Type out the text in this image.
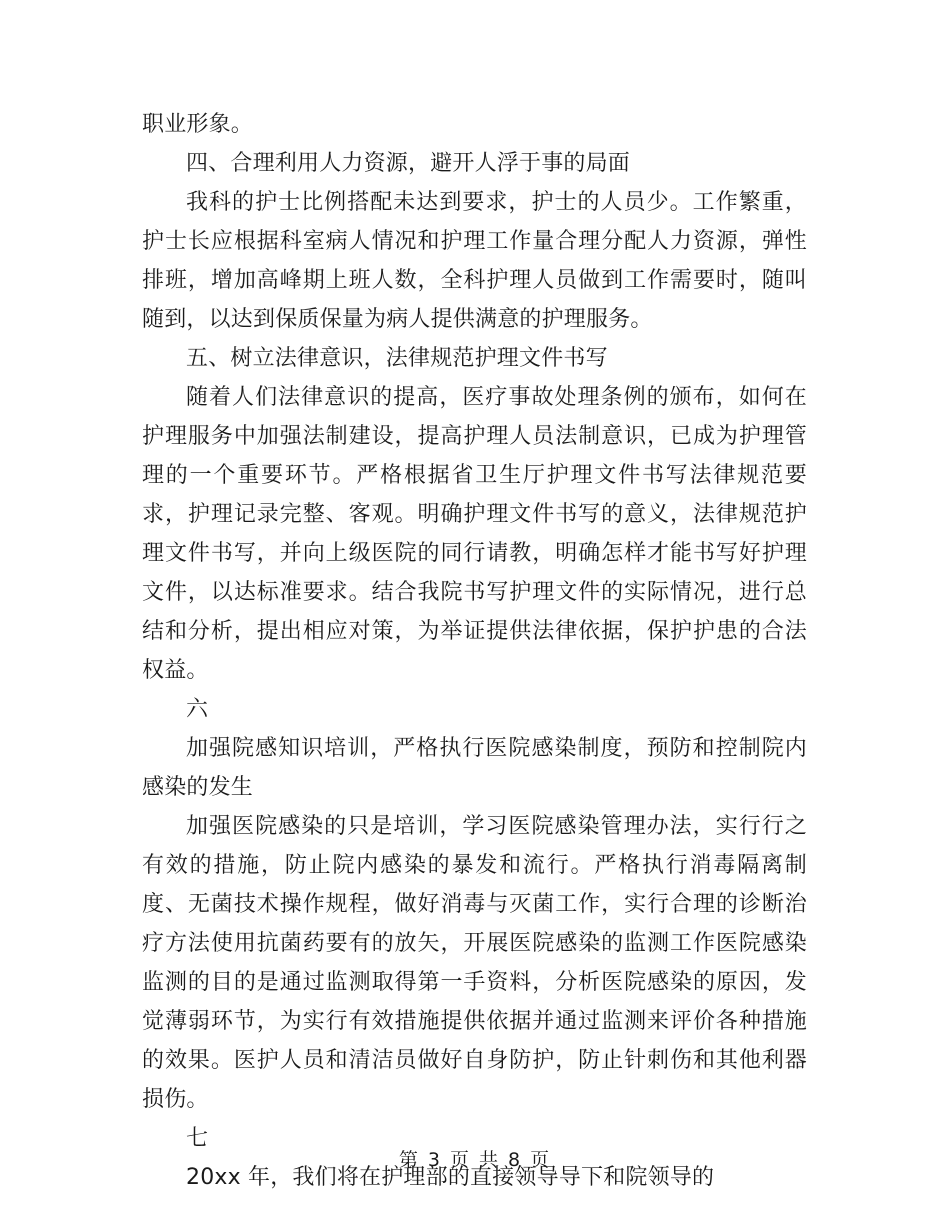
职业形象。

四、合理利用人力资源，避开人浮于事的局面

我科的护士比例搭配未达到要求，护士的人员少。工作繁重，护士长应根据科室病人情况和护理工作量合理分配人力资源，弹性排班，增加高峰期上班人数，全科护理人员做到工作需要时，随叫随到，以达到保质保量为病人提供满意的护理服务。

五、树立法律意识，法律规范护理文件书写

随着人们法律意识的提高，医疗事故处理条例的颁布，如何在护理服务中加强法制建设，提高护理人员法制意识，已成为护理管理的一个重要环节。严格根据省卫生厅护理文件书写法律规范要求，护理记录完整、客观。明确护理文件书写的意义，法律规范护理文件书写，并向上级医院的同行请教，明确怎样才能书写好护理文件，以达标准要求。结合我院书写护理文件的实际情况，进行总结和分析，提出相应对策，为举证提供法律依据，保护护患的合法权益。

六

加强院感知识培训，严格执行医院感染制度，预防和控制院内感染的发生

加强医院感染的只是培训，学习医院感染管理办法，实行行之有效的措施，防止院内感染的暴发和流行。严格执行消毒隔离制度、无菌技术操作规程，做好消毒与灭菌工作，实行合理的诊断治疗方法使用抗菌药要有的放矢，开展医院感染的监测工作医院感染监测的目的是通过监测取得第一手资料，分析医院感染的原因，发觉薄弱环节，为实行有效措施提供依据并通过监测来评价各种措施的效果。医护人员和清洁员做好自身防护，防止针刺伤和其他利器损伤。

七

20xx 年，我们将在护理部的直接领导导下和院领导的

第 3 页 共 8 页
